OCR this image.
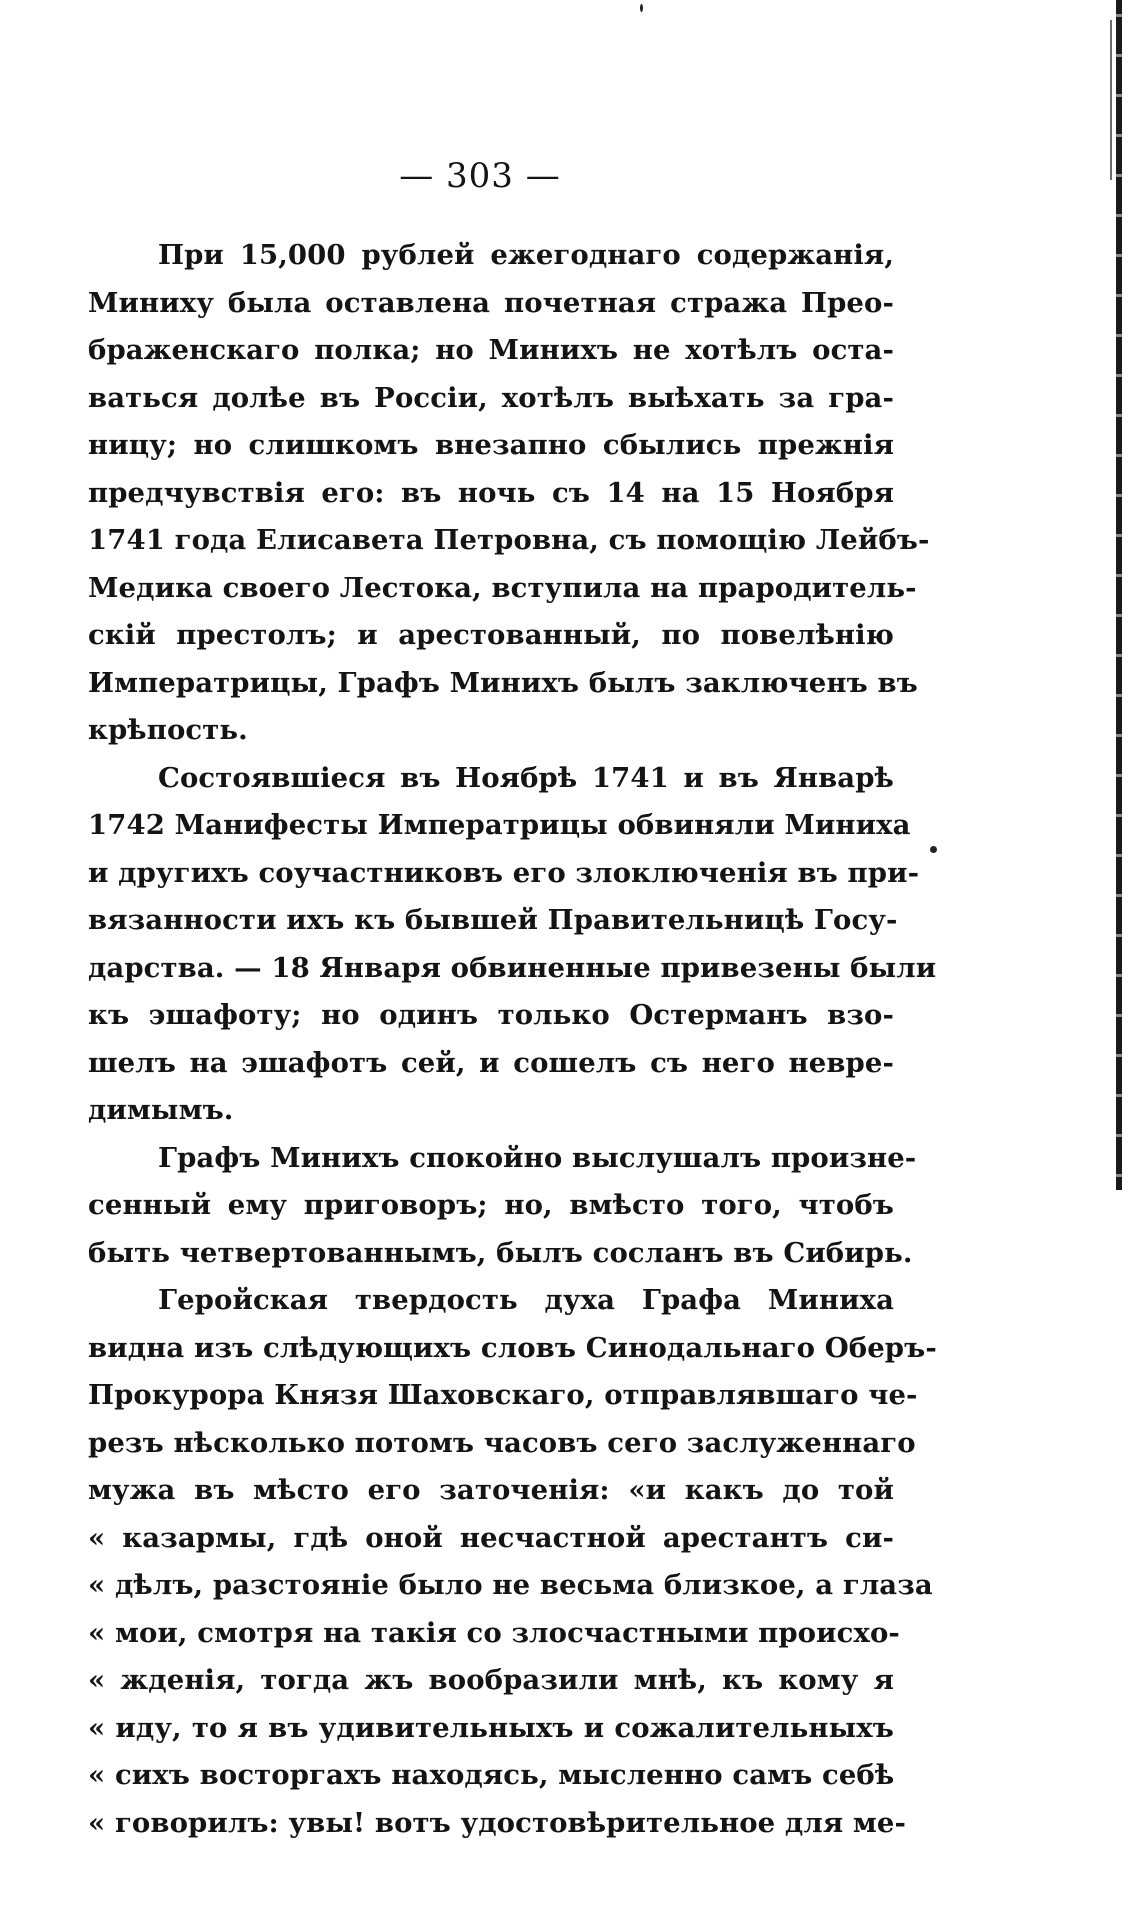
— 303 —
При 15,000 рублей ежегоднаго содержанія,
Миниху была оставлена почетная стража Прео-
браженскаго полка; но Минихъ не хотѣлъ оста-
ваться долѣе въ Россіи, хотѣлъ выѣхать за гра-
ницу; но слишкомъ внезапно сбылись прежнія
предчувствія его: въ ночь съ 14 на 15 Ноября
1741 года Елисавета Петровна, съ помощію Лейбъ-
Медика своего Лестока, вступила на прародитель-
скій престолъ; и арестованный, по повелѣнію
Императрицы, Графъ Минихъ былъ заключенъ въ
крѣпость.
Состоявшіеся въ Ноябрѣ 1741 и въ Январѣ
1742 Манифесты Императрицы обвиняли Миниха
и другихъ соучастниковъ его злоключенія въ при-
вязанности ихъ къ бывшей Правительницѣ Госу-
дарства. — 18 Января обвиненные привезены были
къ эшафоту; но одинъ только Остерманъ взо-
шелъ на эшафотъ сей, и сошелъ съ него невре-
димымъ.
Графъ Минихъ спокойно выслушалъ произне-
сенный ему приговоръ; но, вмѣсто того, чтобъ
быть четвертованнымъ, былъ сосланъ въ Сибирь.
Геройская твердость духа Графа Миниха
видна изъ слѣдующихъ словъ Синодальнаго Оберъ-
Прокурора Князя Шаховскаго, отправлявшаго че-
резъ нѣсколько потомъ часовъ сего заслуженнаго
мужа въ мѣсто его заточенія: «и какъ до той
« казармы, гдѣ оной несчастной арестантъ си-
« дѣлъ, разстояніе было не весьма близкое, а глаза
« мои, смотря на такія со злосчастными происхо-
« жденія, тогда жъ вообразили мнѣ, къ кому я
« иду, то я въ удивительныхъ и сожалительныхъ
« сихъ восторгахъ находясь, мысленно самъ себѣ
« говорилъ: увы! вотъ удостовѣрительное для ме-
